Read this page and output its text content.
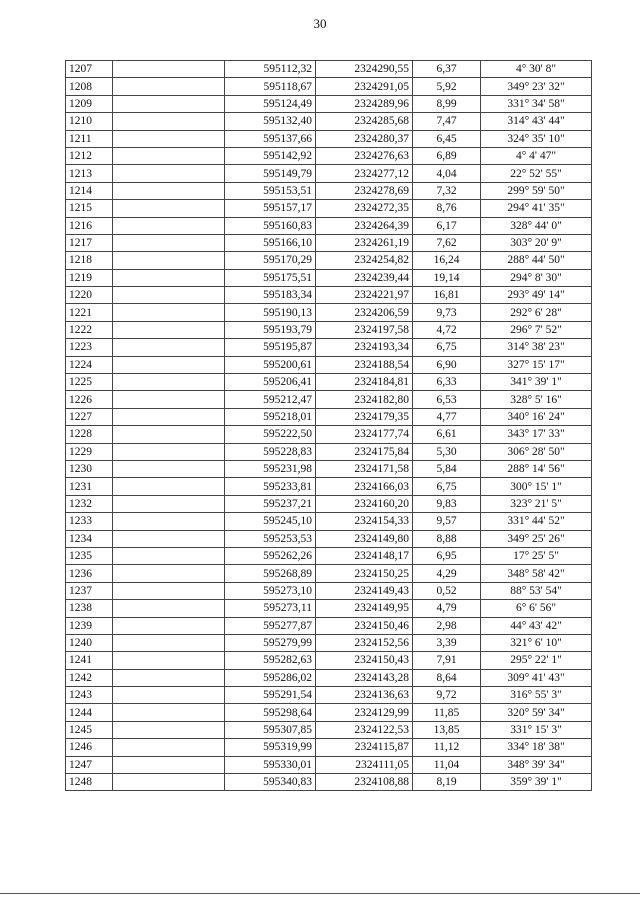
30
1207		595112,32	2324290,55	6,37	4° 30' 8"
1208		595118,67	2324291,05	5,92	349° 23' 32"
1209		595124,49	2324289,96	8,99	331° 34' 58"
1210		595132,40	2324285,68	7,47	314° 43' 44"
1211		595137,66	2324280,37	6,45	324° 35' 10"
1212		595142,92	2324276,63	6,89	4° 4' 47"
1213		595149,79	2324277,12	4,04	22° 52' 55"
1214		595153,51	2324278,69	7,32	299° 59' 50"
1215		595157,17	2324272,35	8,76	294° 41' 35"
1216		595160,83	2324264,39	6,17	328° 44' 0"
1217		595166,10	2324261,19	7,62	303° 20' 9"
1218		595170,29	2324254,82	16,24	288° 44' 50"
1219		595175,51	2324239,44	19,14	294° 8' 30"
1220		595183,34	2324221,97	16,81	293° 49' 14"
1221		595190,13	2324206,59	9,73	292° 6' 28"
1222		595193,79	2324197,58	4,72	296° 7' 52"
1223		595195,87	2324193,34	6,75	314° 38' 23"
1224		595200,61	2324188,54	6,90	327° 15' 17"
1225		595206,41	2324184,81	6,33	341° 39' 1"
1226		595212,47	2324182,80	6,53	328° 5' 16"
1227		595218,01	2324179,35	4,77	340° 16' 24"
1228		595222,50	2324177,74	6,61	343° 17' 33"
1229		595228,83	2324175,84	5,30	306° 28' 50"
1230		595231,98	2324171,58	5,84	288° 14' 56"
1231		595233,81	2324166,03	6,75	300° 15' 1"
1232		595237,21	2324160,20	9,83	323° 21' 5"
1233		595245,10	2324154,33	9,57	331° 44' 52"
1234		595253,53	2324149,80	8,88	349° 25' 26"
1235		595262,26	2324148,17	6,95	17° 25' 5"
1236		595268,89	2324150,25	4,29	348° 58' 42"
1237		595273,10	2324149,43	0,52	88° 53' 54"
1238		595273,11	2324149,95	4,79	6° 6' 56"
1239		595277,87	2324150,46	2,98	44° 43' 42"
1240		595279,99	2324152,56	3,39	321° 6' 10"
1241		595282,63	2324150,43	7,91	295° 22' 1"
1242		595286,02	2324143,28	8,64	309° 41' 43"
1243		595291,54	2324136,63	9,72	316° 55' 3"
1244		595298,64	2324129,99	11,85	320° 59' 34"
1245		595307,85	2324122,53	13,85	331° 15' 3"
1246		595319,99	2324115,87	11,12	334° 18' 38"
1247		595330,01	2324111,05	11,04	348° 39' 34"
1248		595340,83	2324108,88	8,19	359° 39' 1"
